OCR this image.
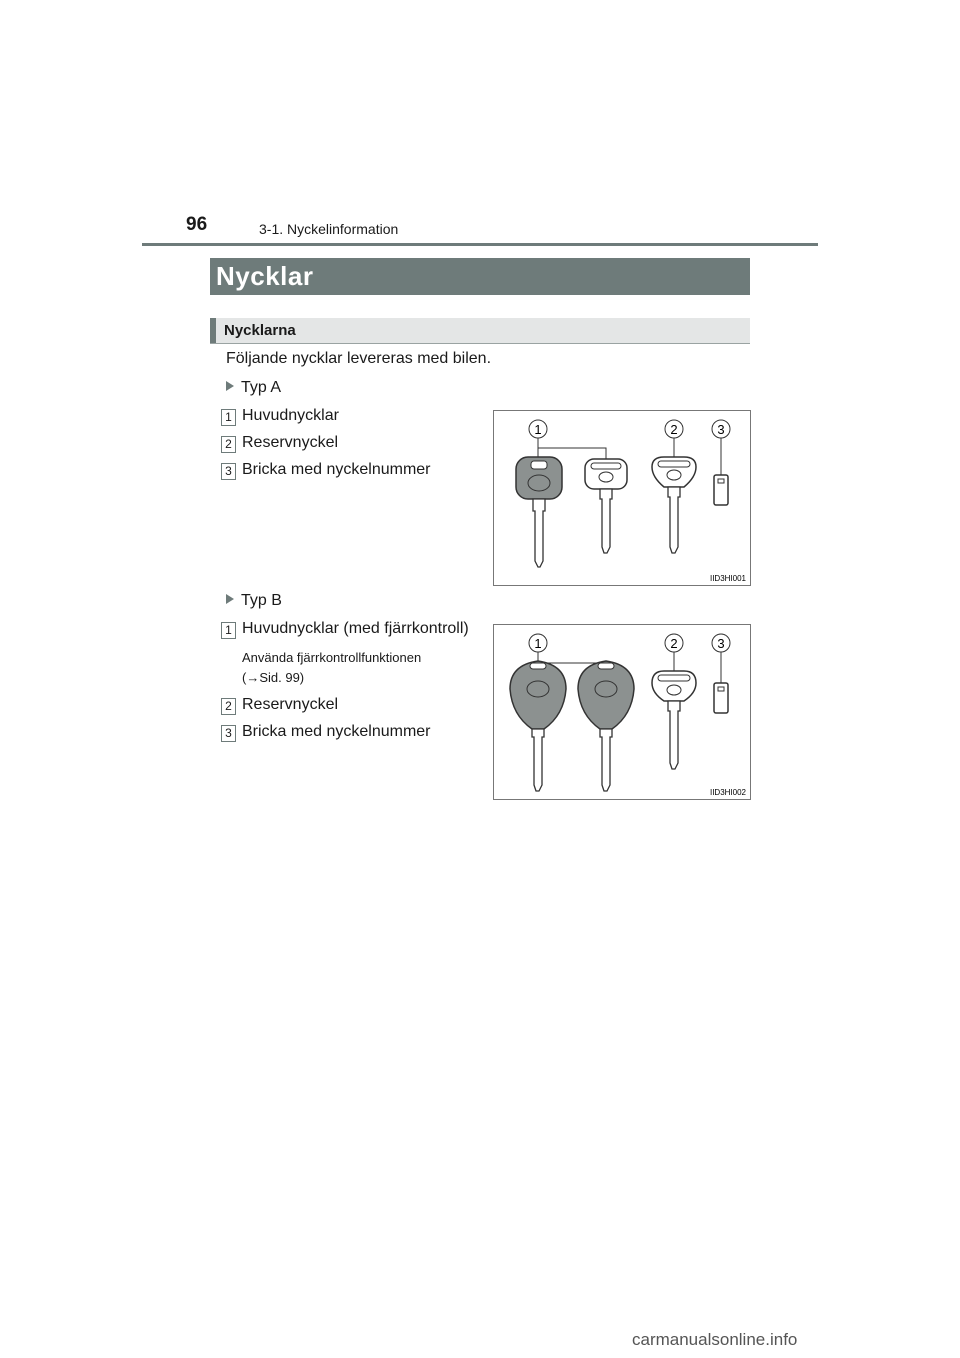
96	3-1. Nyckelinformation
Nycklar
Nycklarna
Följande nycklar levereras med bilen.
Typ A
1 Huvudnycklar
2 Reservnyckel
3 Bricka med nyckelnummer
1	2	3
IID3HI001
Typ B
1 Huvudnycklar (med fjärrkontroll)
Använda fjärrkontrollfunktionen
(→Sid. 99)
2 Reservnyckel
3 Bricka med nyckelnummer
1	2	3
IID3HI002
carmanualsonline.info
